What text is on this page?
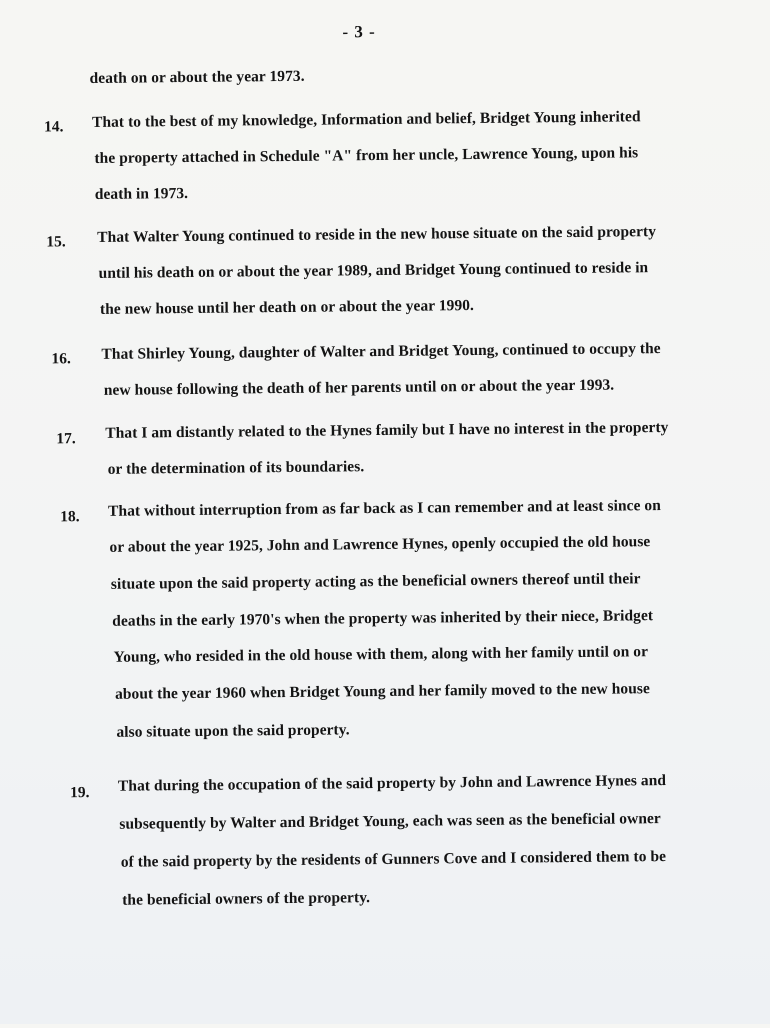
- 3 -
death on or about the year 1973.
14. That to the best of my knowledge, Information and belief, Bridget Young inherited
the property attached in Schedule "A" from her uncle, Lawrence Young, upon his
death in 1973.
15. That Walter Young continued to reside in the new house situate on the said property
until his death on or about the year 1989, and Bridget Young continued to reside in
the new house until her death on or about the year 1990.
16. That Shirley Young, daughter of Walter and Bridget Young, continued to occupy the
new house following the death of her parents until on or about the year 1993.
17. That I am distantly related to the Hynes family but I have no interest in the property
or the determination of its boundaries.
18. That without interruption from as far back as I can remember and at least since on
or about the year 1925, John and Lawrence Hynes, openly occupied the old house
situate upon the said property acting as the beneficial owners thereof until their
deaths in the early 1970's when the property was inherited by their niece, Bridget
Young, who resided in the old house with them, along with her family until on or
about the year 1960 when Bridget Young and her family moved to the new house
also situate upon the said property.
19. That during the occupation of the said property by John and Lawrence Hynes and
subsequently by Walter and Bridget Young, each was seen as the beneficial owner
of the said property by the residents of Gunners Cove and I considered them to be
the beneficial owners of the property.
